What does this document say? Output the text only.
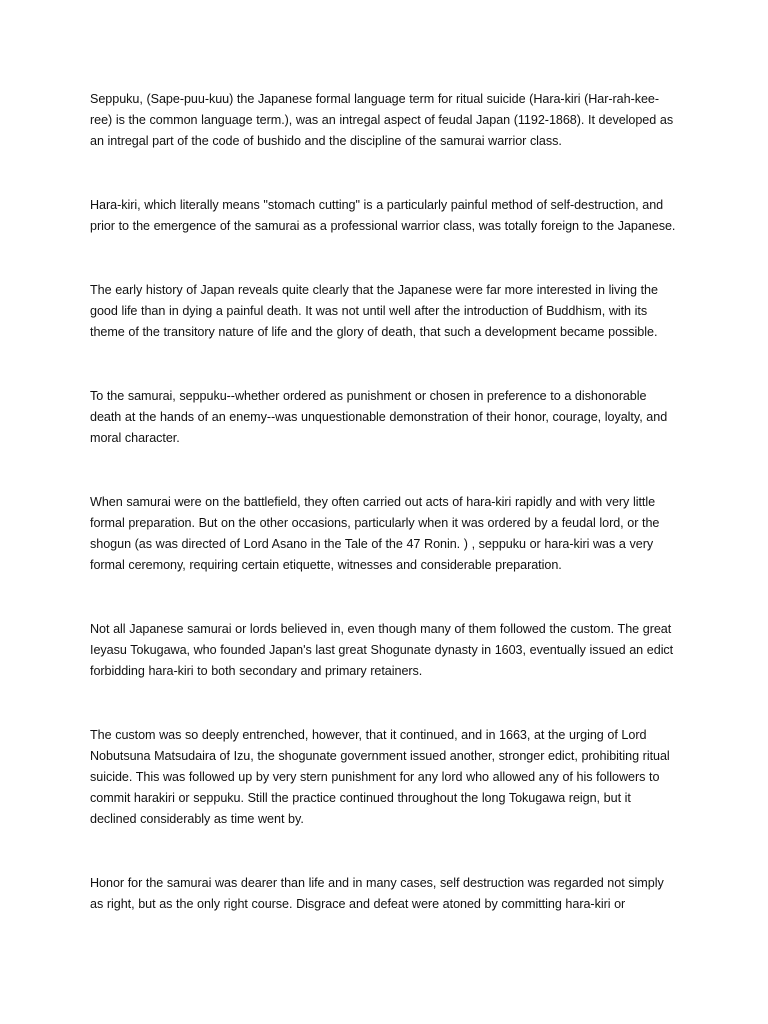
Seppuku, (Sape-puu-kuu) the Japanese formal language term for ritual suicide (Hara-kiri (Har-rah-kee-ree) is the common language term.), was an intregal aspect of feudal Japan (1192-1868). It developed as an intregal part of the code of bushido and the discipline of the samurai warrior class.

Hara-kiri, which literally means "stomach cutting" is a particularly painful method of self-destruction, and prior to the emergence of the samurai as a professional warrior class, was totally foreign to the Japanese.

The early history of Japan reveals quite clearly that the Japanese were far more interested in living the good life than in dying a painful death. It was not until well after the introduction of Buddhism, with its theme of the transitory nature of life and the glory of death, that such a development became possible.

To the samurai, seppuku--whether ordered as punishment or chosen in preference to a dishonorable death at the hands of an enemy--was unquestionable demonstration of their honor, courage, loyalty, and moral character.

When samurai were on the battlefield, they often carried out acts of hara-kiri rapidly and with very little formal preparation. But on the other occasions, particularly when it was ordered by a feudal lord, or the shogun (as was directed of Lord Asano in the Tale of the 47 Ronin. ) , seppuku or hara-kiri was a very formal ceremony, requiring certain etiquette, witnesses and considerable preparation.

Not all Japanese samurai or lords believed in, even though many of them followed the custom. The great Ieyasu Tokugawa, who founded Japan's last great Shogunate dynasty in 1603, eventually issued an edict forbidding hara-kiri to both secondary and primary retainers.

The custom was so deeply entrenched, however, that it continued, and in 1663, at the urging of Lord Nobutsuna Matsudaira of Izu, the shogunate government issued another, stronger edict, prohibiting ritual suicide. This was followed up by very stern punishment for any lord who allowed any of his followers to commit harakiri or seppuku. Still the practice continued throughout the long Tokugawa reign, but it declined considerably as time went by.

Honor for the samurai was dearer than life and in many cases, self destruction was regarded not simply as right, but as the only right course. Disgrace and defeat were atoned by committing hara-kiri or
